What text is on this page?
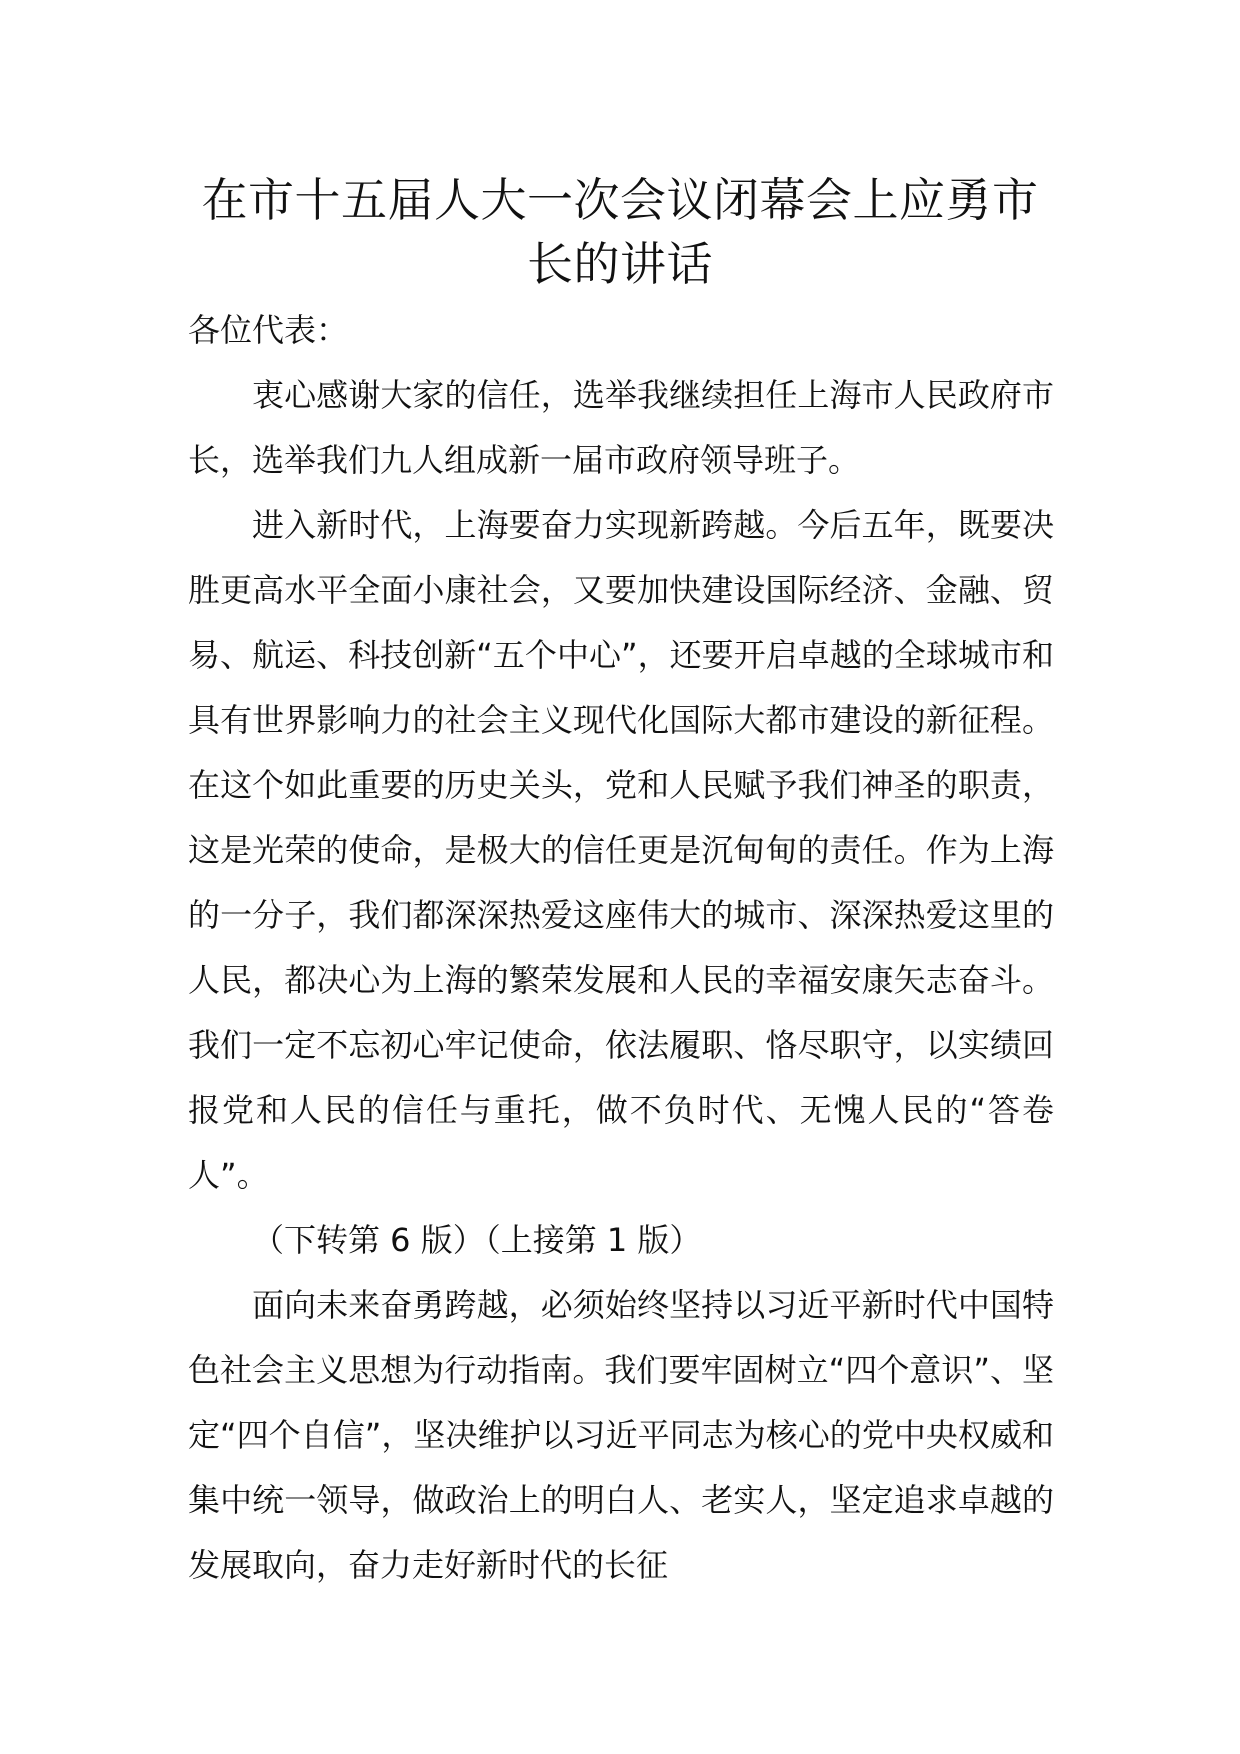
在市十五届人大一次会议闭幕会上应勇市长的讲话

各位代表：

衷心感谢大家的信任，选举我继续担任上海市人民政府市长，选举我们九人组成新一届市政府领导班子。

进入新时代，上海要奋力实现新跨越。今后五年，既要决胜更高水平全面小康社会，又要加快建设国际经济、金融、贸易、航运、科技创新“五个中心”，还要开启卓越的全球城市和具有世界影响力的社会主义现代化国际大都市建设的新征程。在这个如此重要的历史关头，党和人民赋予我们神圣的职责，这是光荣的使命，是极大的信任更是沉甸甸的责任。作为上海的一分子，我们都深深热爱这座伟大的城市、深深热爱这里的人民，都决心为上海的繁荣发展和人民的幸福安康矢志奋斗。我们一定不忘初心牢记使命，依法履职、恪尽职守，以实绩回报党和人民的信任与重托，做不负时代、无愧人民的“答卷人”。

（下转第 6 版）（上接第 1 版）

面向未来奋勇跨越，必须始终坚持以习近平新时代中国特色社会主义思想为行动指南。我们要牢固树立“四个意识”、坚定“四个自信”，坚决维护以习近平同志为核心的党中央权威和集中统一领导，做政治上的明白人、老实人，坚定追求卓越的发展取向，奋力走好新时代的长征
